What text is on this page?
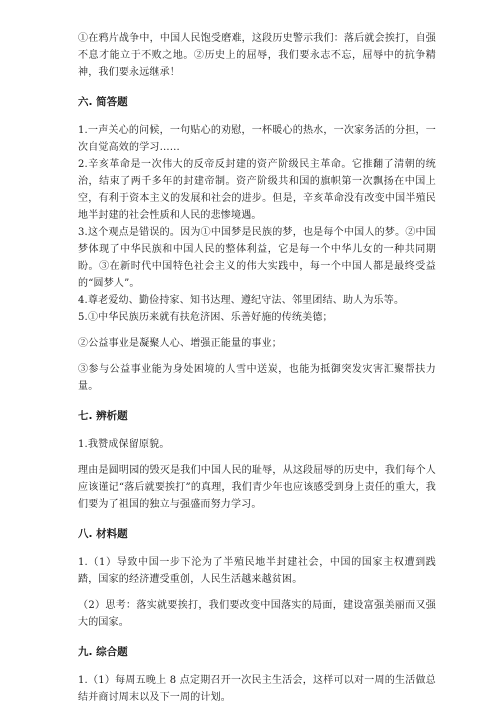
①在鸦片战争中，中国人民饱受磨难，这段历史警示我们：落后就会挨打，自强不息才能立于不败之地。②历史上的屈辱，我们要永志不忘，屈辱中的抗争精神，我们要永远继承！

六. 简答题

1.一声关心的问候，一句贴心的劝慰，一杯暖心的热水，一次家务活的分担，一次自觉高效的学习……

2.辛亥革命是一次伟大的反帝反封建的资产阶级民主革命。它推翻了清朝的统治，结束了两千多年的封建帝制。资产阶级共和国的旗帜第一次飘扬在中国上空，有利于资本主义的发展和社会的进步。但是，辛亥革命没有改变中国半殖民地半封建的社会性质和人民的悲惨境遇。

3.这个观点是错误的。因为①中国梦是民族的梦，也是每个中国人的梦。②中国梦体现了中华民族和中国人民的整体利益，它是每一个中华儿女的一种共同期盼。③在新时代中国特色社会主义的伟大实践中，每一个中国人都是最终受益的“圆梦人”。

4.尊老爱幼、勤俭持家、知书达理、遵纪守法、邻里团结、助人为乐等。

5.①中华民族历来就有扶危济困、乐善好施的传统美德；

②公益事业是凝聚人心、增强正能量的事业；

③参与公益事业能为身处困境的人雪中送炭，也能为抵御突发灾害汇聚帮扶力量。

七. 辨析题

1.我赞成保留原貌。

理由是圆明园的毁灭是我们中国人民的耻辱，从这段屈辱的历史中，我们每个人应该谨记“落后就要挨打”的真理，我们青少年也应该感受到身上责任的重大，我们要为了祖国的独立与强盛而努力学习。

八. 材料题

1.（1）导致中国一步下沦为了半殖民地半封建社会，中国的国家主权遭到践踏，国家的经济遭受重创，人民生活越来越贫困。

（2）思考：落实就要挨打，我们要改变中国落实的局面，建设富强美丽而又强大的国家。

九. 综合题

1.（1）每周五晚上 8 点定期召开一次民主生活会，这样可以对一周的生活做总结并商讨周末以及下一周的计划。
